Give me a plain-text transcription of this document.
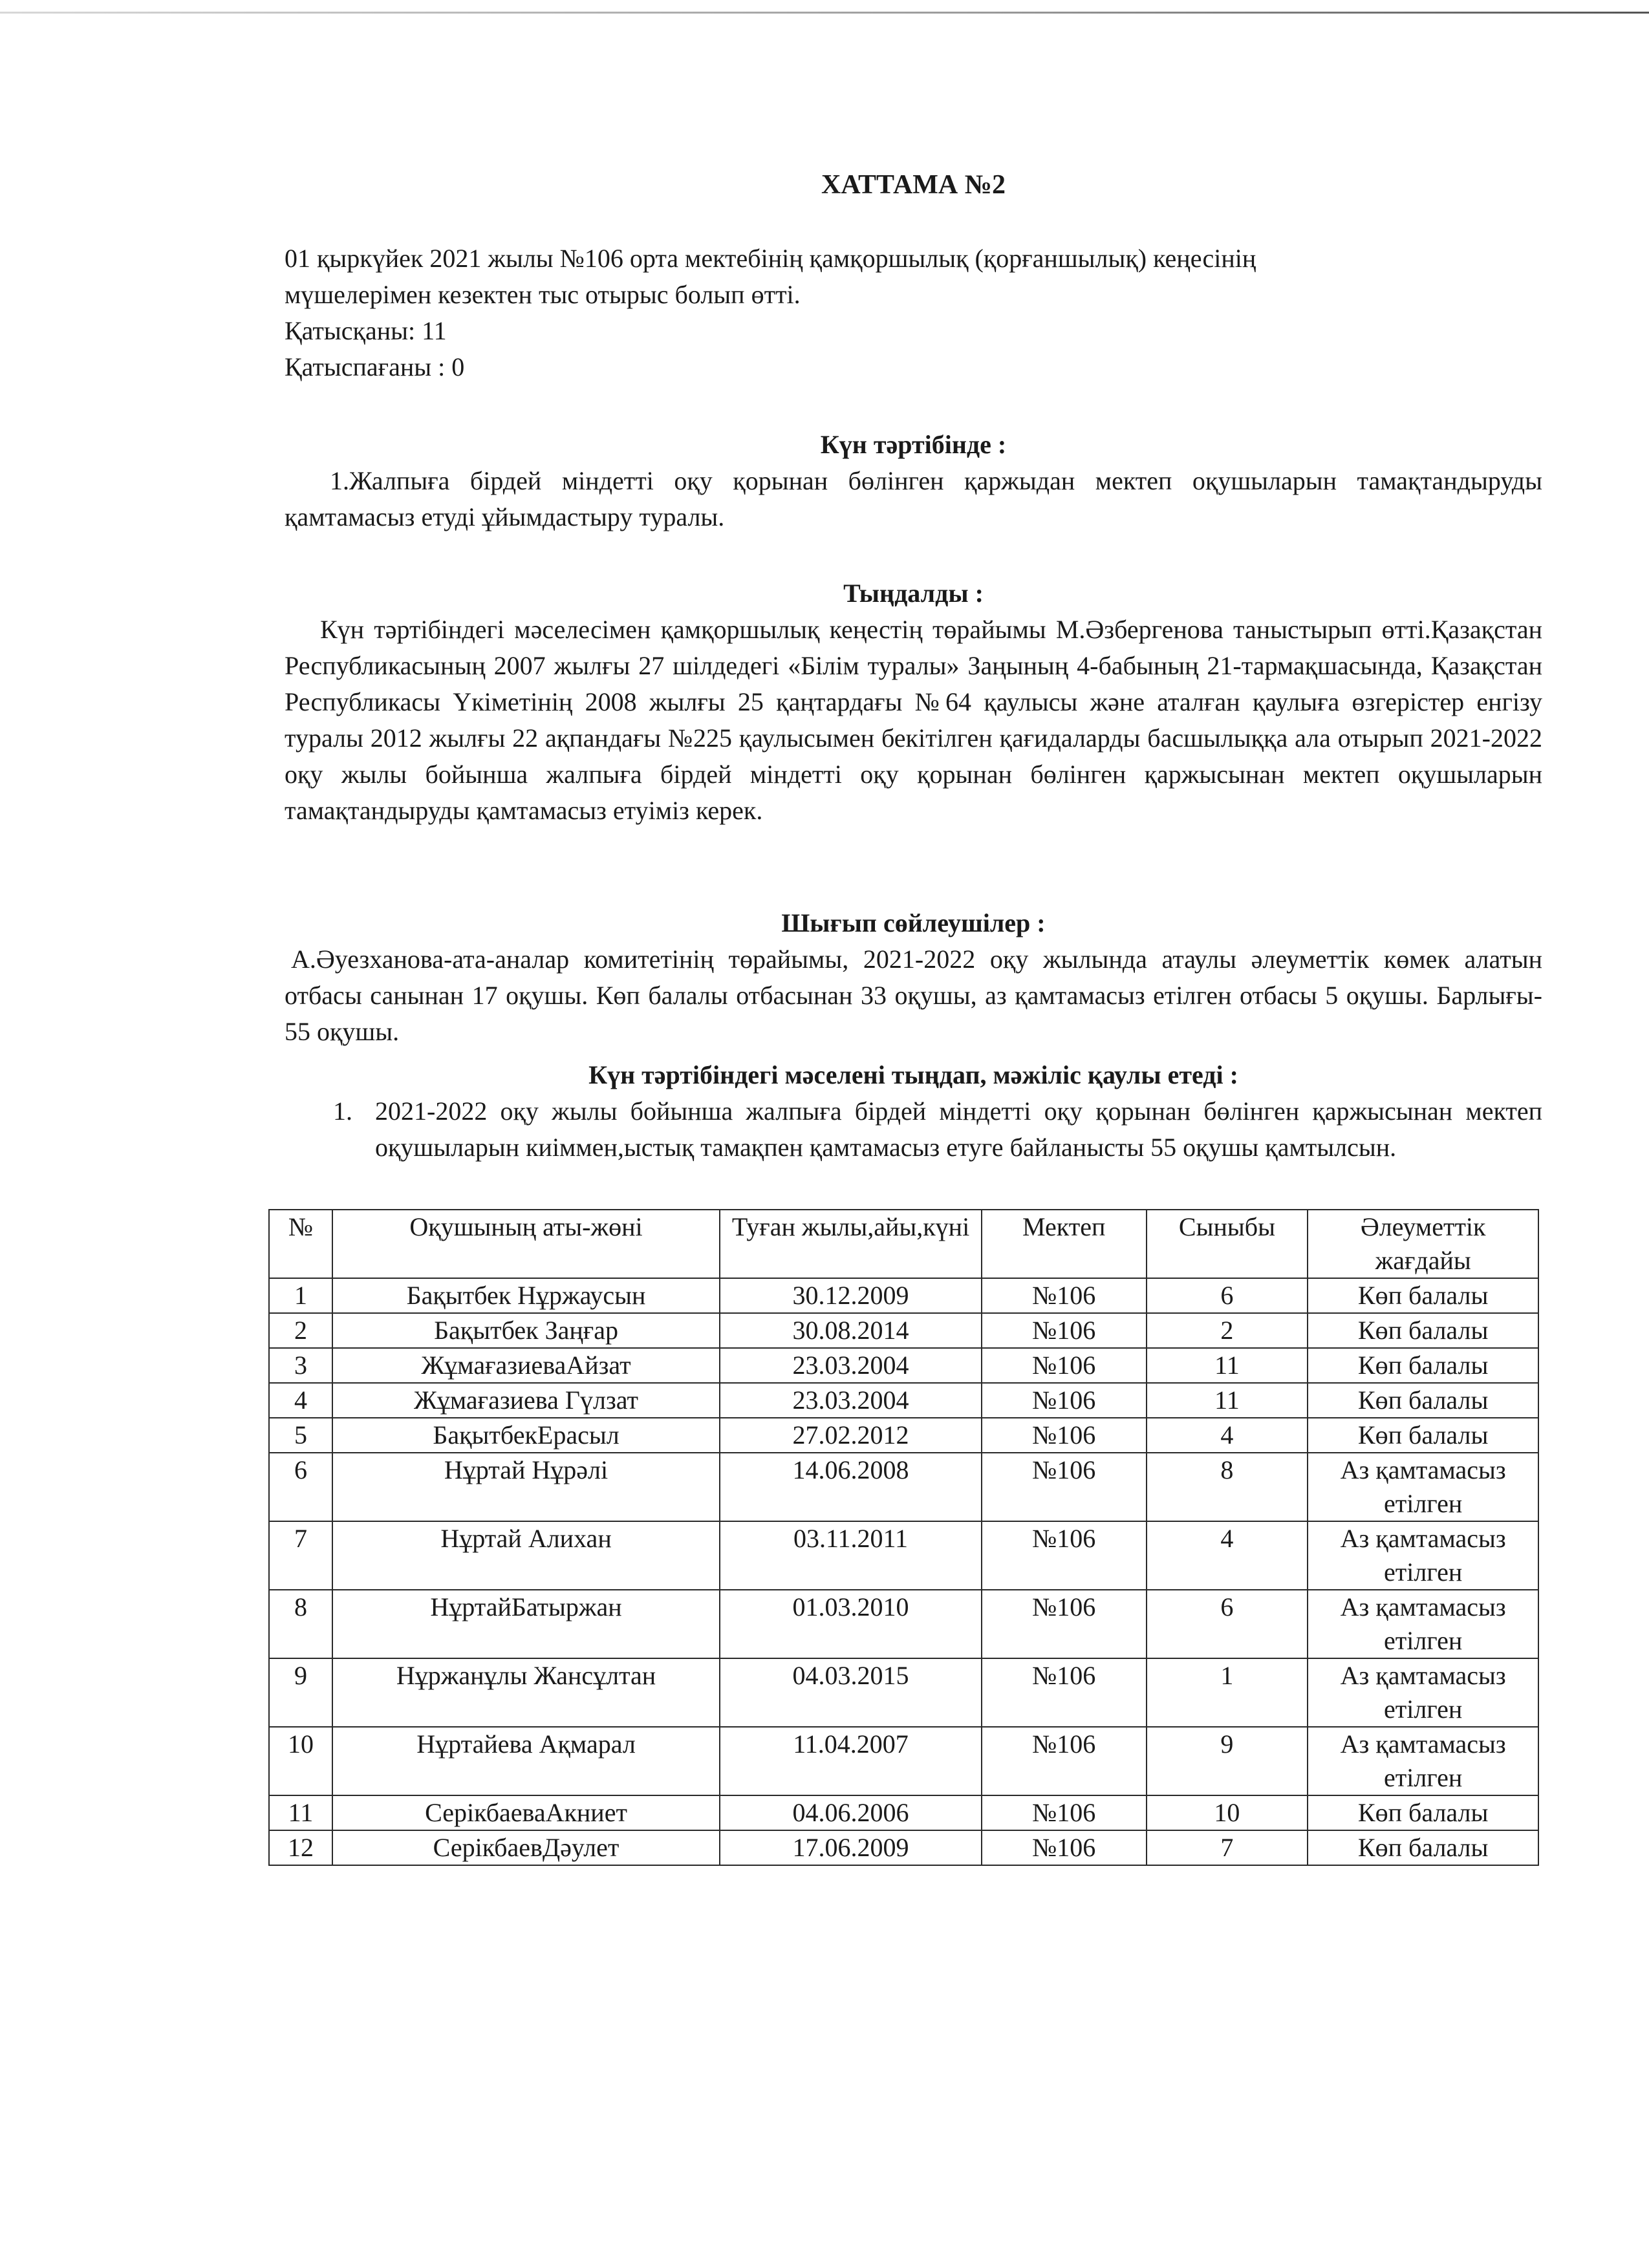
ХАТТАМА №2

01 қыркүйек 2021 жылы №106 орта мектебінің қамқоршылық (қорғаншылық) кеңесінің

мүшелерімен кезектен тыс отырыс болып өтті.

Қатысқаны: 11

Қатыспағаны : 0

Күн тәртібінде :

1.Жалпыға бірдей міндетті оқу қорынан бөлінген қаржыдан мектеп оқушыларын тамақтандыруды қамтамасыз етуді ұйымдастыру туралы.

Тыңдалды :

Күн тәртібіндегі мәселесімен қамқоршылық кеңестің төрайымы М.Әзбергенова таныстырып өтті.Қазақстан Республикасының 2007 жылғы 27 шілдедегі «Білім туралы» Заңының 4-бабының 21-тармақшасында, Қазақстан Республикасы Үкіметінің 2008 жылғы 25 қаңтардағы №64 қаулысы және аталған қаулыға өзгерістер енгізу туралы 2012 жылғы 22 ақпандағы №225 қаулысымен бекітілген қағидаларды басшылыққа ала отырып 2021-2022 оқу жылы бойынша жалпыға бірдей міндетті оқу қорынан бөлінген қаржысынан мектеп оқушыларын тамақтандыруды қамтамасыз етуіміз керек.

Шығып сөйлеушілер :

А.Әуезханова-ата-аналар комитетінің төрайымы, 2021-2022 оқу жылында атаулы әлеуметтік көмек алатын отбасы санынан 17 оқушы. Көп балалы отбасынан 33 оқушы, аз қамтамасыз етілген отбасы 5 оқушы. Барлығы- 55 оқушы.

Күн тәртібіндегі мәселені тыңдап, мәжіліс қаулы етеді :

1. 2021-2022 оқу жылы бойынша жалпыға бірдей міндетті оқу қорынан бөлінген қаржысынан мектеп оқушыларын киіммен,ыстық тамақпен қамтамасыз етуге байланысты 55 оқушы қамтылсын.
№	Оқушының аты-жөні	Туған жылы,айы,күні	Мектеп	Сыныбы	Әлеуметтік жағдайы
1	Бақытбек Нұржаусын	30.12.2009	№106	6	Көп балалы
2	Бақытбек Заңғар	30.08.2014	№106	2	Көп балалы
3	ЖұмағазиеваАйзат	23.03.2004	№106	11	Көп балалы
4	Жұмағазиева Гүлзат	23.03.2004	№106	11	Көп балалы
5	БақытбекЕрасыл	27.02.2012	№106	4	Көп балалы
6	Нұртай Нұрәлі	14.06.2008	№106	8	Аз қамтамасыз етілген
7	Нұртай Алихан	03.11.2011	№106	4	Аз қамтамасыз етілген
8	НұртайБатыржан	01.03.2010	№106	6	Аз қамтамасыз етілген
9	Нұржанұлы Жансұлтан	04.03.2015	№106	1	Аз қамтамасыз етілген
10	Нұртайева Ақмарал	11.04.2007	№106	9	Аз қамтамасыз етілген
11	СерікбаеваАкниет	04.06.2006	№106	10	Көп балалы
12	СерікбаевДәулет	17.06.2009	№106	7	Көп балалы
